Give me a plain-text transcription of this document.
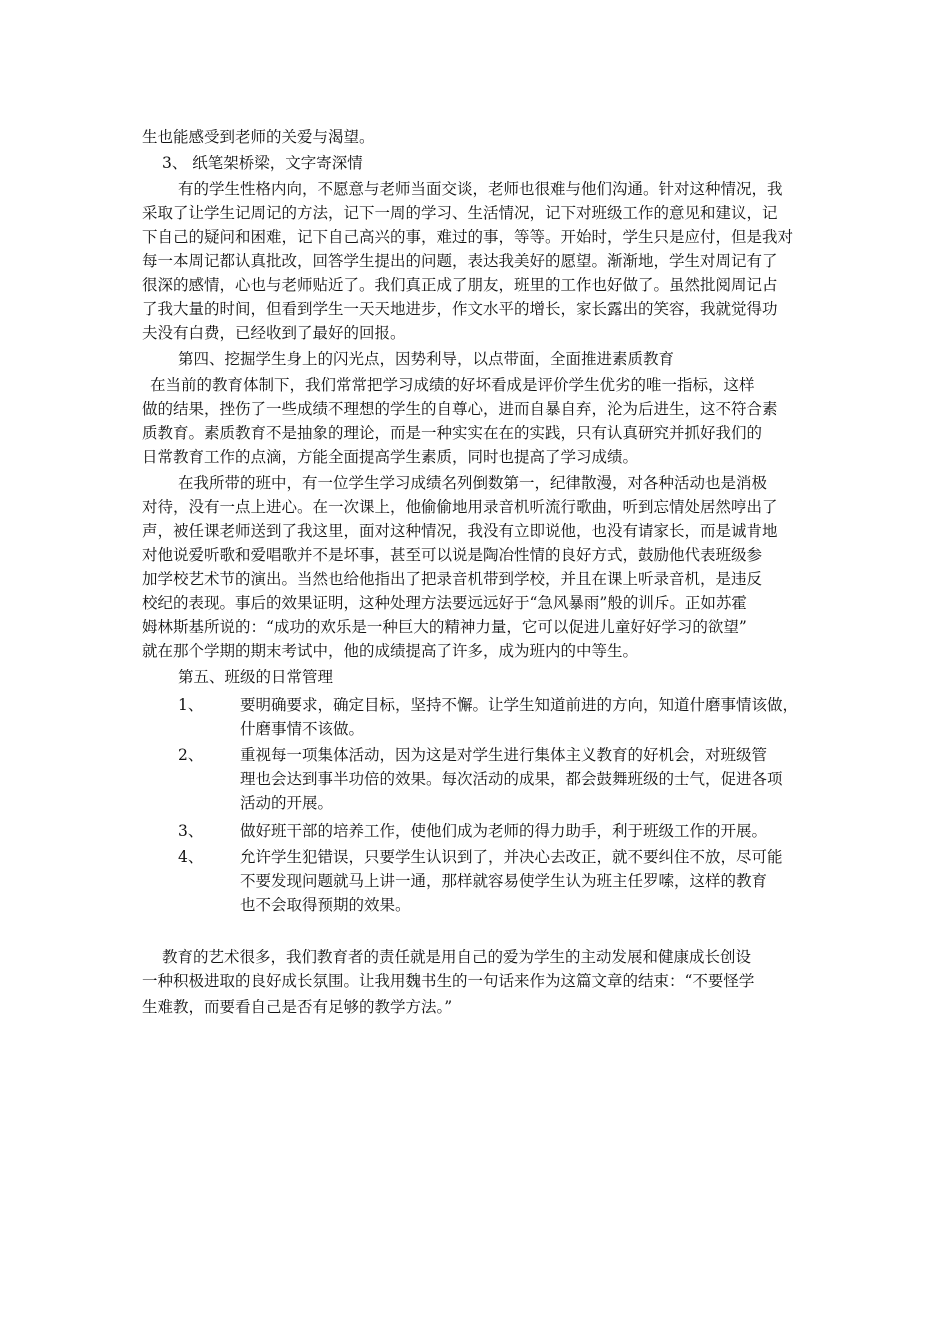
生也能感受到老师的关爱与渴望。
3、 纸笔架桥梁，文字寄深情
有的学生性格内向，不愿意与老师当面交谈，老师也很难与他们沟通。针对这种情况，我
采取了让学生记周记的方法，记下一周的学习、生活情况，记下对班级工作的意见和建议，记
下自己的疑问和困难，记下自己高兴的事，难过的事，等等。开始时，学生只是应付，但是我对
每一本周记都认真批改，回答学生提出的问题，表达我美好的愿望。渐渐地，学生对周记有了
很深的感情，心也与老师贴近了。我们真正成了朋友，班里的工作也好做了。虽然批阅周记占
了我大量的时间，但看到学生一天天地进步，作文水平的增长，家长露出的笑容，我就觉得功
夫没有白费，已经收到了最好的回报。
第四、挖掘学生身上的闪光点，因势利导，以点带面，全面推进素质教育
在当前的教育体制下，我们常常把学习成绩的好坏看成是评价学生优劣的唯一指标，这样
做的结果，挫伤了一些成绩不理想的学生的自尊心，进而自暴自弃，沦为后进生，这不符合素
质教育。素质教育不是抽象的理论，而是一种实实在在的实践，只有认真研究并抓好我们的
日常教育工作的点滴，方能全面提高学生素质，同时也提高了学习成绩。
在我所带的班中，有一位学生学习成绩名列倒数第一，纪律散漫，对各种活动也是消极
对待，没有一点上进心。在一次课上，他偷偷地用录音机听流行歌曲，听到忘情处居然哼出了
声，被任课老师送到了我这里，面对这种情况，我没有立即说他，也没有请家长，而是诚肯地
对他说爱听歌和爱唱歌并不是坏事，甚至可以说是陶冶性情的良好方式，鼓励他代表班级参
加学校艺术节的演出。当然也给他指出了把录音机带到学校，并且在课上听录音机，是违反
校纪的表现。事后的效果证明，这种处理方法要远远好于“急风暴雨”般的训斥。正如苏霍
姆林斯基所说的：“成功的欢乐是一种巨大的精神力量，它可以促进儿童好好学习的欲望”
就在那个学期的期末考试中，他的成绩提高了许多，成为班内的中等生。
第五、班级的日常管理
1、 要明确要求，确定目标，坚持不懈。让学生知道前进的方向，知道什磨事情该做，
什磨事情不该做。
2、 重视每一项集体活动，因为这是对学生进行集体主义教育的好机会，对班级管
理也会达到事半功倍的效果。每次活动的成果，都会鼓舞班级的士气，促进各项
活动的开展。
3、 做好班干部的培养工作，使他们成为老师的得力助手，利于班级工作的开展。
4、 允许学生犯错误，只要学生认识到了，并决心去改正，就不要纠住不放，尽可能
不要发现问题就马上讲一通，那样就容易使学生认为班主任罗嗦，这样的教育
也不会取得预期的效果。
教育的艺术很多，我们教育者的责任就是用自己的爱为学生的主动发展和健康成长创设
一种积极进取的良好成长氛围。让我用魏书生的一句话来作为这篇文章的结束：“不要怪学
生难教，而要看自己是否有足够的教学方法。”
